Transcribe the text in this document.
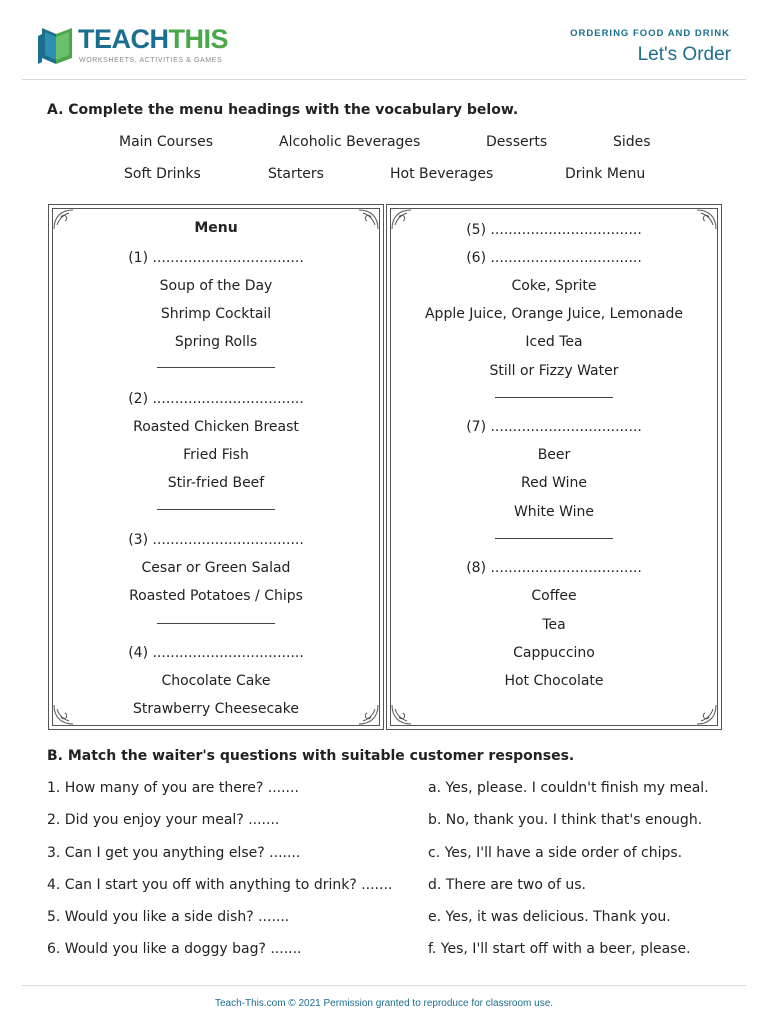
TEACHTHIS
WORKSHEETS, ACTIVITIES & GAMES
ORDERING FOOD AND DRINK
Let's Order
A. Complete the menu headings with the vocabulary below.
Main Courses	Alcoholic Beverages	Desserts	Sides
Soft Drinks	Starters	Hot Beverages	Drink Menu
Menu
(1) ..................................
Soup of the Day
Shrimp Cocktail
Spring Rolls
(2) ..................................
Roasted Chicken Breast
Fried Fish
Stir-fried Beef
(3) ..................................
Cesar or Green Salad
Roasted Potatoes / Chips
(4) ..................................
Chocolate Cake
Strawberry Cheesecake
(5) ..................................
(6) ..................................
Coke, Sprite
Apple Juice, Orange Juice, Lemonade
Iced Tea
Still or Fizzy Water
(7) ..................................
Beer
Red Wine
White Wine
(8) ..................................
Coffee
Tea
Cappuccino
Hot Chocolate
B. Match the waiter's questions with suitable customer responses.
1. How many of you are there? .......
2. Did you enjoy your meal? .......
3. Can I get you anything else? .......
4. Can I start you off with anything to drink? .......
5. Would you like a side dish? .......
6. Would you like a doggy bag? .......
a. Yes, please. I couldn't finish my meal.
b. No, thank you. I think that's enough.
c. Yes, I'll have a side order of chips.
d. There are two of us.
e. Yes, it was delicious. Thank you.
f. Yes, I'll start off with a beer, please.
Teach-This.com © 2021 Permission granted to reproduce for classroom use.
